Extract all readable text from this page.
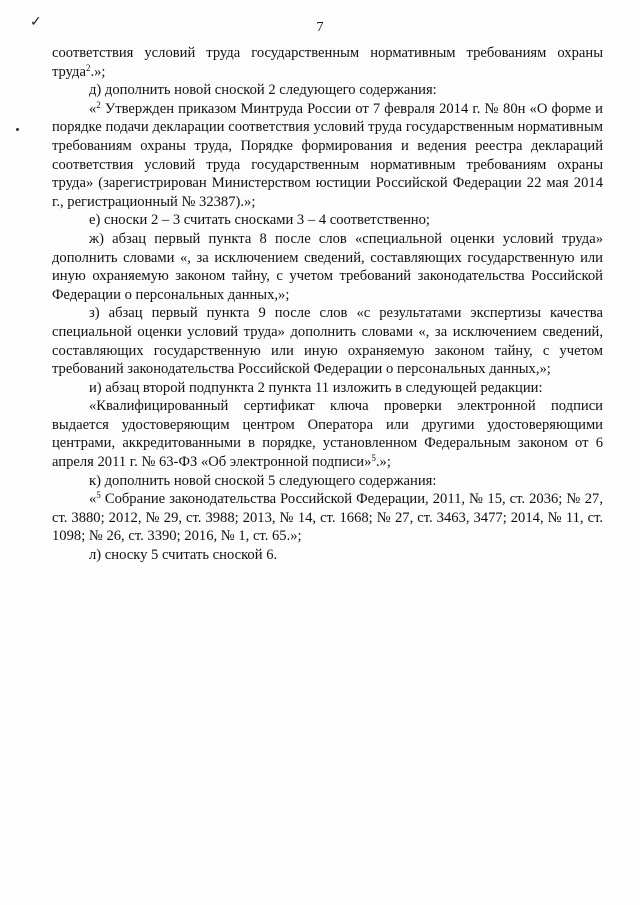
✓	7

соответствия условий труда государственным нормативным требованиям охраны труда$^2$.»;

д) дополнить новой сноской 2 следующего содержания:

«$^2$ Утвержден приказом Минтруда России от 7 февраля 2014 г. № 80н «О форме и порядке подачи декларации соответствия условий труда государственным нормативным требованиям охраны труда, Порядке формирования и ведения реестра деклараций соответствия условий труда государственным нормативным требованиям охраны труда» (зарегистрирован Министерством юстиции Российской Федерации 22 мая 2014 г., регистрационный № 32387).»;

е) сноски 2 – 3 считать сносками 3 – 4 соответственно;

ж) абзац первый пункта 8 после слов «специальной оценки условий труда» дополнить словами «, за исключением сведений, составляющих государственную или иную охраняемую законом тайну, с учетом требований законодательства Российской Федерации о персональных данных,»;

з) абзац первый пункта 9 после слов «с результатами экспертизы качества специальной оценки условий труда» дополнить словами «, за исключением сведений, составляющих государственную или иную охраняемую законом тайну, с учетом требований законодательства Российской Федерации о персональных данных,»;

и) абзац второй подпункта 2 пункта 11 изложить в следующей редакции:

«Квалифицированный сертификат ключа проверки электронной подписи выдается удостоверяющим центром Оператора или другими удостоверяющими центрами, аккредитованными в порядке, установленном Федеральным законом от 6 апреля 2011 г. № 63-ФЗ «Об электронной подписи»$^5$.»;

к) дополнить новой сноской 5 следующего содержания:

«$^5$ Собрание законодательства Российской Федерации, 2011, № 15, ст. 2036; № 27, ст. 3880; 2012, № 29, ст. 3988; 2013, № 14, ст. 1668; № 27, ст. 3463, 3477; 2014, № 11, ст. 1098; № 26, ст. 3390; 2016, № 1, ст. 65.»;

л) сноску 5 считать сноской 6.
